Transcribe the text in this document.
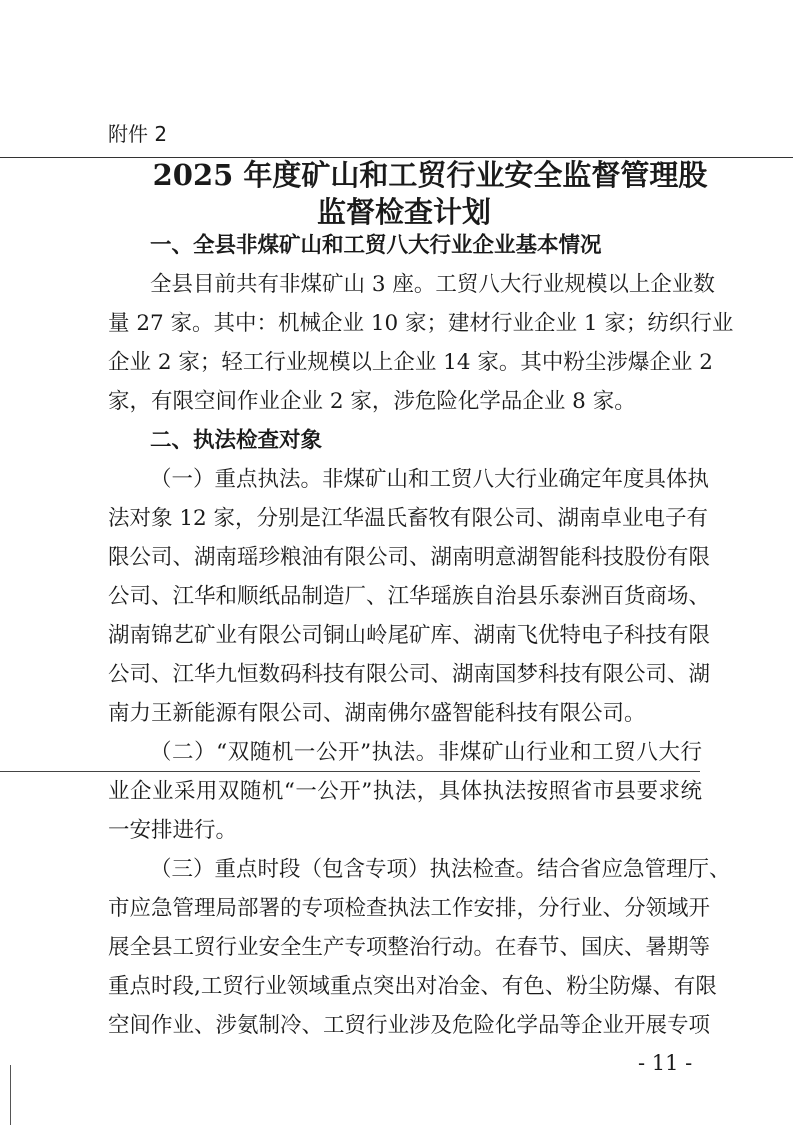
附件 2
2025 年度矿山和工贸行业安全监督管理股
监督检查计划
一、全县非煤矿山和工贸八大行业企业基本情况
全县目前共有非煤矿山 3 座。工贸八大行业规模以上企业数
量 27 家。其中：机械企业 10 家；建材行业企业 1 家；纺织行业
企业 2 家；轻工行业规模以上企业 14 家。其中粉尘涉爆企业 2
家，有限空间作业企业 2 家，涉危险化学品企业 8 家。
二、执法检查对象
（一）重点执法。非煤矿山和工贸八大行业确定年度具体执
法对象 12 家，分别是江华温氏畜牧有限公司、湖南卓业电子有
限公司、湖南瑶珍粮油有限公司、湖南明意湖智能科技股份有限
公司、江华和顺纸品制造厂、江华瑶族自治县乐泰洲百货商场、
湖南锦艺矿业有限公司铜山岭尾矿库、湖南飞优特电子科技有限
公司、江华九恒数码科技有限公司、湖南国梦科技有限公司、湖
南力王新能源有限公司、湖南佛尔盛智能科技有限公司。
（二）“双随机一公开”执法。非煤矿山行业和工贸八大行
业企业采用双随机“一公开”执法，具体执法按照省市县要求统
一安排进行。
（三）重点时段（包含专项）执法检查。结合省应急管理厅、
市应急管理局部署的专项检查执法工作安排，分行业、分领域开
展全县工贸行业安全生产专项整治行动。在春节、国庆、暑期等
重点时段,工贸行业领域重点突出对冶金、有色、粉尘防爆、有限
空间作业、涉氨制冷、工贸行业涉及危险化学品等企业开展专项
- 11 -
